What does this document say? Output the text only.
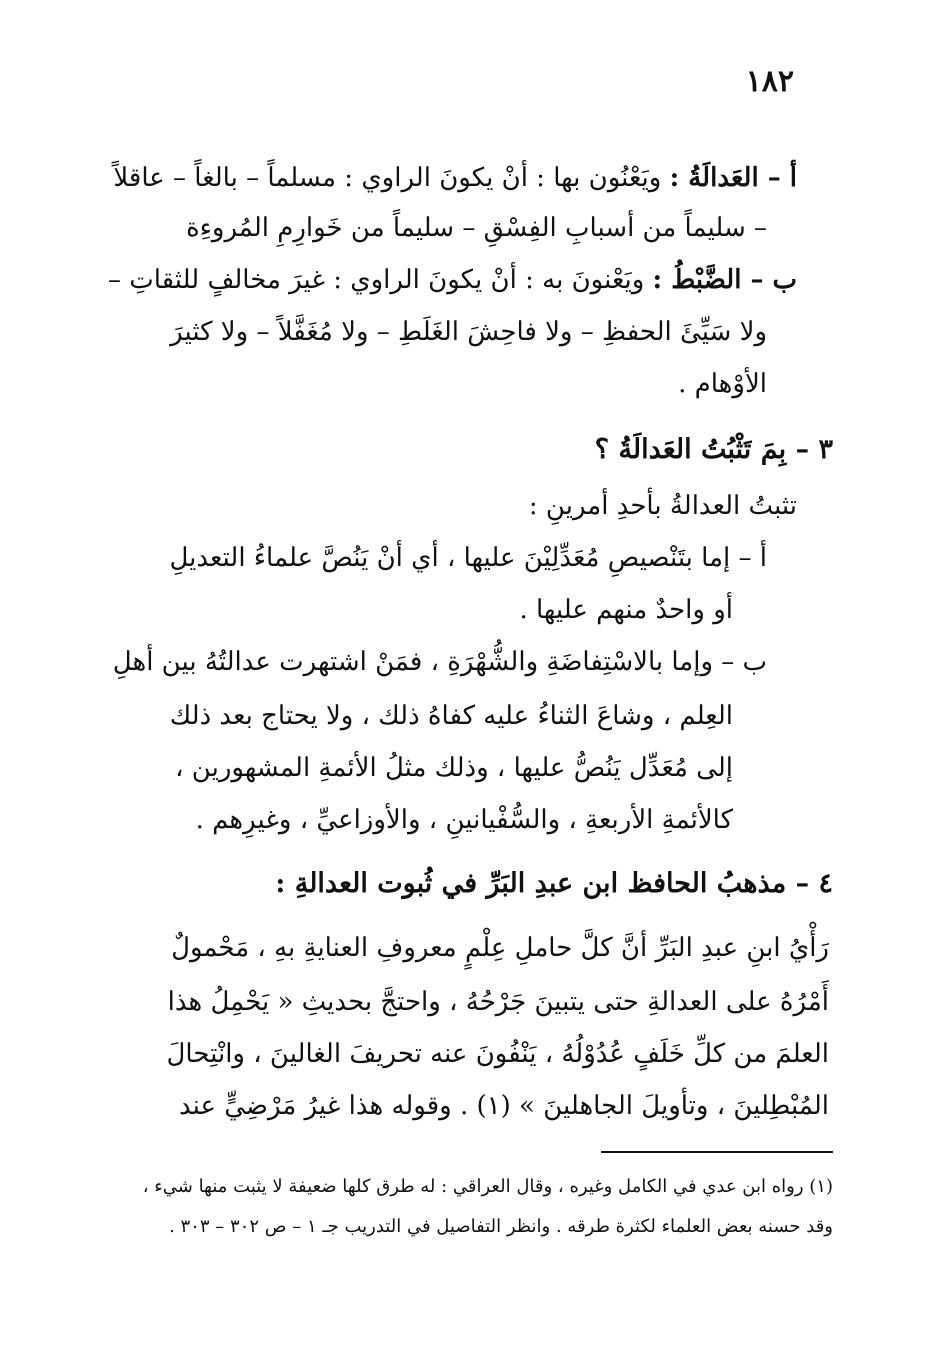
١٨٢
أ – العَدالَةُ : ويَعْنُون بها : أنْ يكونَ الراوي : مسلماً – بالغاً – عاقلاً
– سليماً من أسبابِ الفِسْقِ – سليماً من خَوارِمِ المُروءِة
ب – الضَّبْطُ : ويَعْنونَ به : أنْ يكونَ الراوي : غيرَ مخالفٍ للثقاتِ –
ولا سَيِّئَ الحفظِ – ولا فاحِشَ الغَلَطِ – ولا مُغَفَّلاً – ولا كثيرَ
الأوْهام .
٣ – بِمَ تَثْبُتُ العَدالَةُ ؟
تثبتُ العدالةُ بأحدِ أمرينِ :
أ – إما بتَنْصيصِ مُعَدِّلِيْنَ عليها ، أي أنْ يَنُصَّ علماءُ التعديلِ
أو واحدٌ منهم عليها .
ب – وإما بالاسْتِفاضَةِ والشُّهْرَةِ ، فمَنْ اشتهرت عدالتُهُ بين أهلِ
العِلم ، وشاعَ الثناءُ عليه كفاهُ ذلك ، ولا يحتاج بعد ذلك
إلى مُعَدِّل يَنُصُّ عليها ، وذلك مثلُ الأئمةِ المشهورين ،
كالأئمةِ الأربعةِ ، والسُّفْيانينِ ، والأوزاعيِّ ، وغيرِهم .
٤ – مذهبُ الحافظ ابن عبدِ البَرِّ في ثُبوت العدالةِ :
رَأْيُ ابنِ عبدِ البَرِّ أنَّ كلَّ حاملِ عِلْمٍ معروفِ العنايةِ بهِ ، مَحْمولٌ
أَمْرُهُ على العدالةِ حتى يتبينَ جَرْحُهُ ، واحتجَّ بحديثِ « يَحْمِلُ هذا
العلمَ من كلِّ خَلَفٍ عُدُوْلُهُ ، يَنْفُونَ عنه تحريفَ الغالينَ ، وانْتِحالَ
المُبْطِلينَ ، وتأويلَ الجاهلينَ » (١) . وقوله هذا غيرُ مَرْضِيٍّ عند
(١) رواه ابن عدي في الكامل وغيره ، وقال العراقي : له طرق كلها ضعيفة لا يثبت منها شيء ،
وقد حسنه بعض العلماء لكثرة طرقه . وانظر التفاصيل في التدريب جـ ١ – ص ٣٠٢ – ٣٠٣ .
